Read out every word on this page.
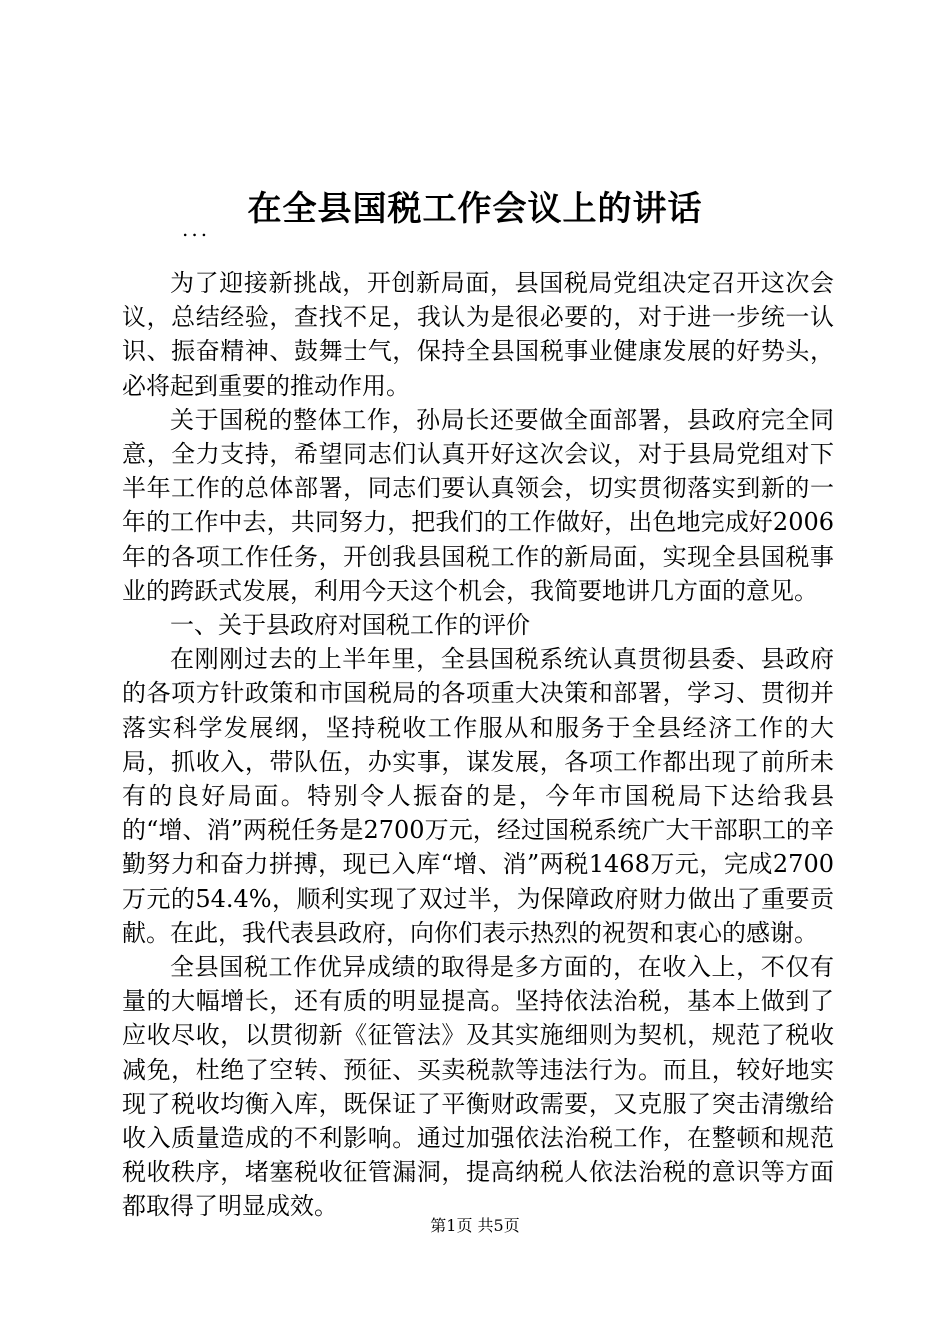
在全县国税工作会议上的讲话
...

为了迎接新挑战，开创新局面，县国税局党组决定召开这次会议，总结经验，查找不足，我认为是很必要的，对于进一步统一认识、振奋精神、鼓舞士气，保持全县国税事业健康发展的好势头，必将起到重要的推动作用。

关于国税的整体工作，孙局长还要做全面部署，县政府完全同意，全力支持，希望同志们认真开好这次会议，对于县局党组对下半年工作的总体部署，同志们要认真领会，切实贯彻落实到新的一年的工作中去，共同努力，把我们的工作做好，出色地完成好2006年的各项工作任务，开创我县国税工作的新局面，实现全县国税事业的跨跃式发展，利用今天这个机会，我简要地讲几方面的意见。

一、关于县政府对国税工作的评价

在刚刚过去的上半年里，全县国税系统认真贯彻县委、县政府的各项方针政策和市国税局的各项重大决策和部署，学习、贯彻并落实科学发展纲，坚持税收工作服从和服务于全县经济工作的大局，抓收入，带队伍，办实事，谋发展，各项工作都出现了前所未有的良好局面。特别令人振奋的是，今年市国税局下达给我县的“增、消”两税任务是2700万元，经过国税系统广大干部职工的辛勤努力和奋力拼搏，现已入库“增、消”两税1468万元，完成2700万元的54.4%，顺利实现了双过半，为保障政府财力做出了重要贡献。在此，我代表县政府，向你们表示热烈的祝贺和衷心的感谢。

全县国税工作优异成绩的取得是多方面的，在收入上，不仅有量的大幅增长，还有质的明显提高。坚持依法治税，基本上做到了应收尽收，以贯彻新《征管法》及其实施细则为契机，规范了税收减免，杜绝了空转、预征、买卖税款等违法行为。而且，较好地实现了税收均衡入库，既保证了平衡财政需要，又克服了突击清缴给收入质量造成的不利影响。通过加强依法治税工作，在整顿和规范税收秩序，堵塞税收征管漏洞，提高纳税人依法治税的意识等方面都取得了明显成效。

第1页 共5页
